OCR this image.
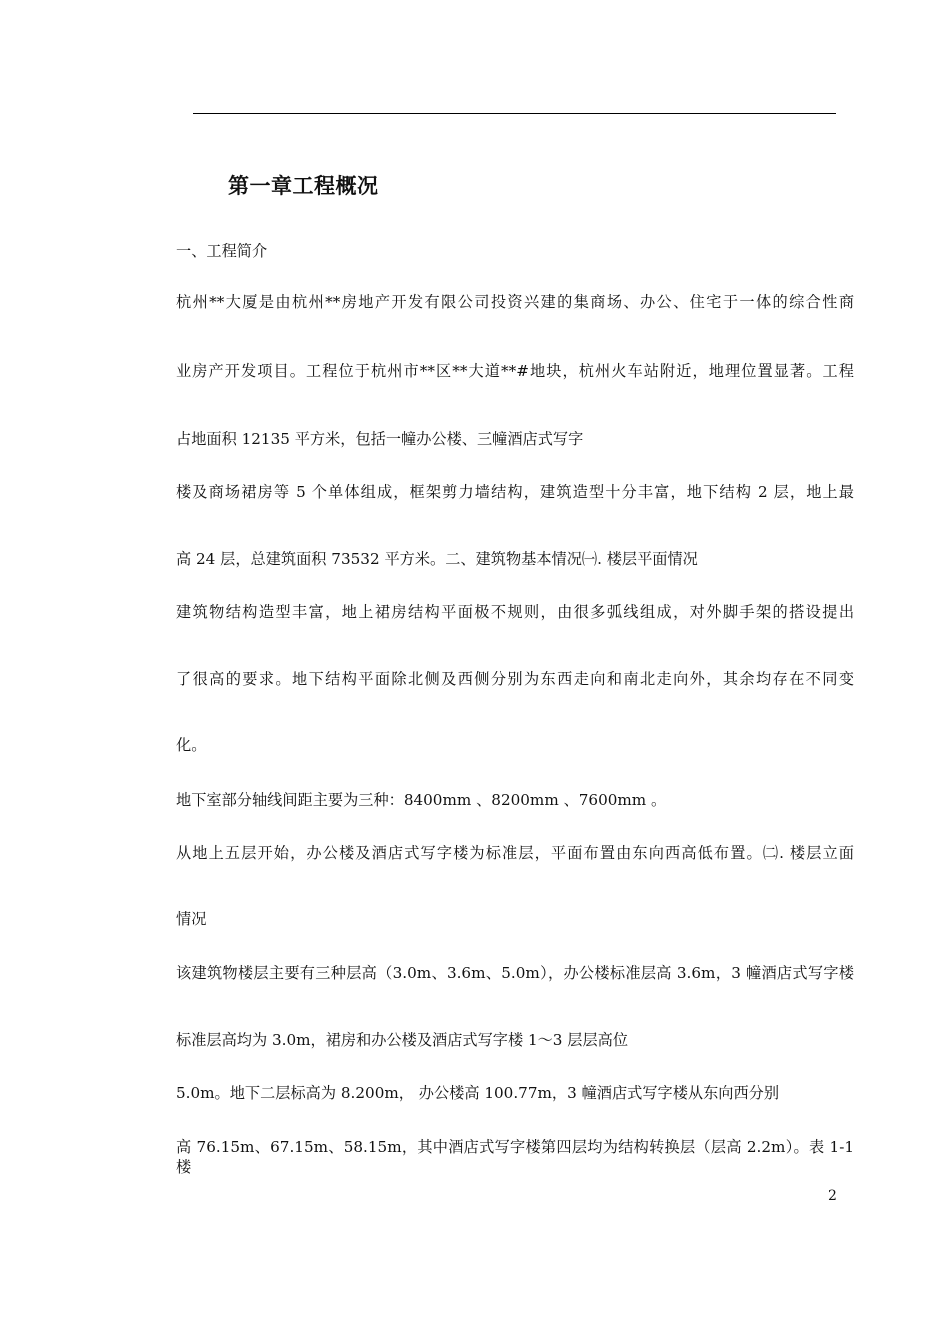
第一章工程概况
一、工程简介
杭州**大厦是由杭州**房地产开发有限公司投资兴建的集商场、办公、住宅于一体的综合性商
业房产开发项目。工程位于杭州市**区**大道**#地块，杭州火车站附近，地理位置显著。工程
占地面积 12135 平方米，包括一幢办公楼、三幢酒店式写字
楼及商场裙房等 5 个单体组成，框架剪力墙结构，建筑造型十分丰富，地下结构 2 层，地上最
高 24 层，总建筑面积 73532 平方米。二、建筑物基本情况㈠. 楼层平面情况
建筑物结构造型丰富，地上裙房结构平面极不规则，由很多弧线组成，对外脚手架的搭设提出
了很高的要求。地下结构平面除北侧及西侧分别为东西走向和南北走向外，其余均存在不同变
化。
地下室部分轴线间距主要为三种：8400mm 、8200mm 、7600mm 。
从地上五层开始，办公楼及酒店式写字楼为标准层，平面布置由东向西高低布置。㈡. 楼层立面
情况
该建筑物楼层主要有三种层高（3.0m、3.6m、5.0m），办公楼标准层高 3.6m，3 幢酒店式写字楼
标准层高均为 3.0m，裙房和办公楼及酒店式写字楼 1～3 层层高位
5.0m。地下二层标高为 8.200m， 办公楼高 100.77m，3 幢酒店式写字楼从东向西分别
高 76.15m、67.15m、58.15m，其中酒店式写字楼第四层均为结构转换层（层高 2.2m）。表 1-1 楼
2
